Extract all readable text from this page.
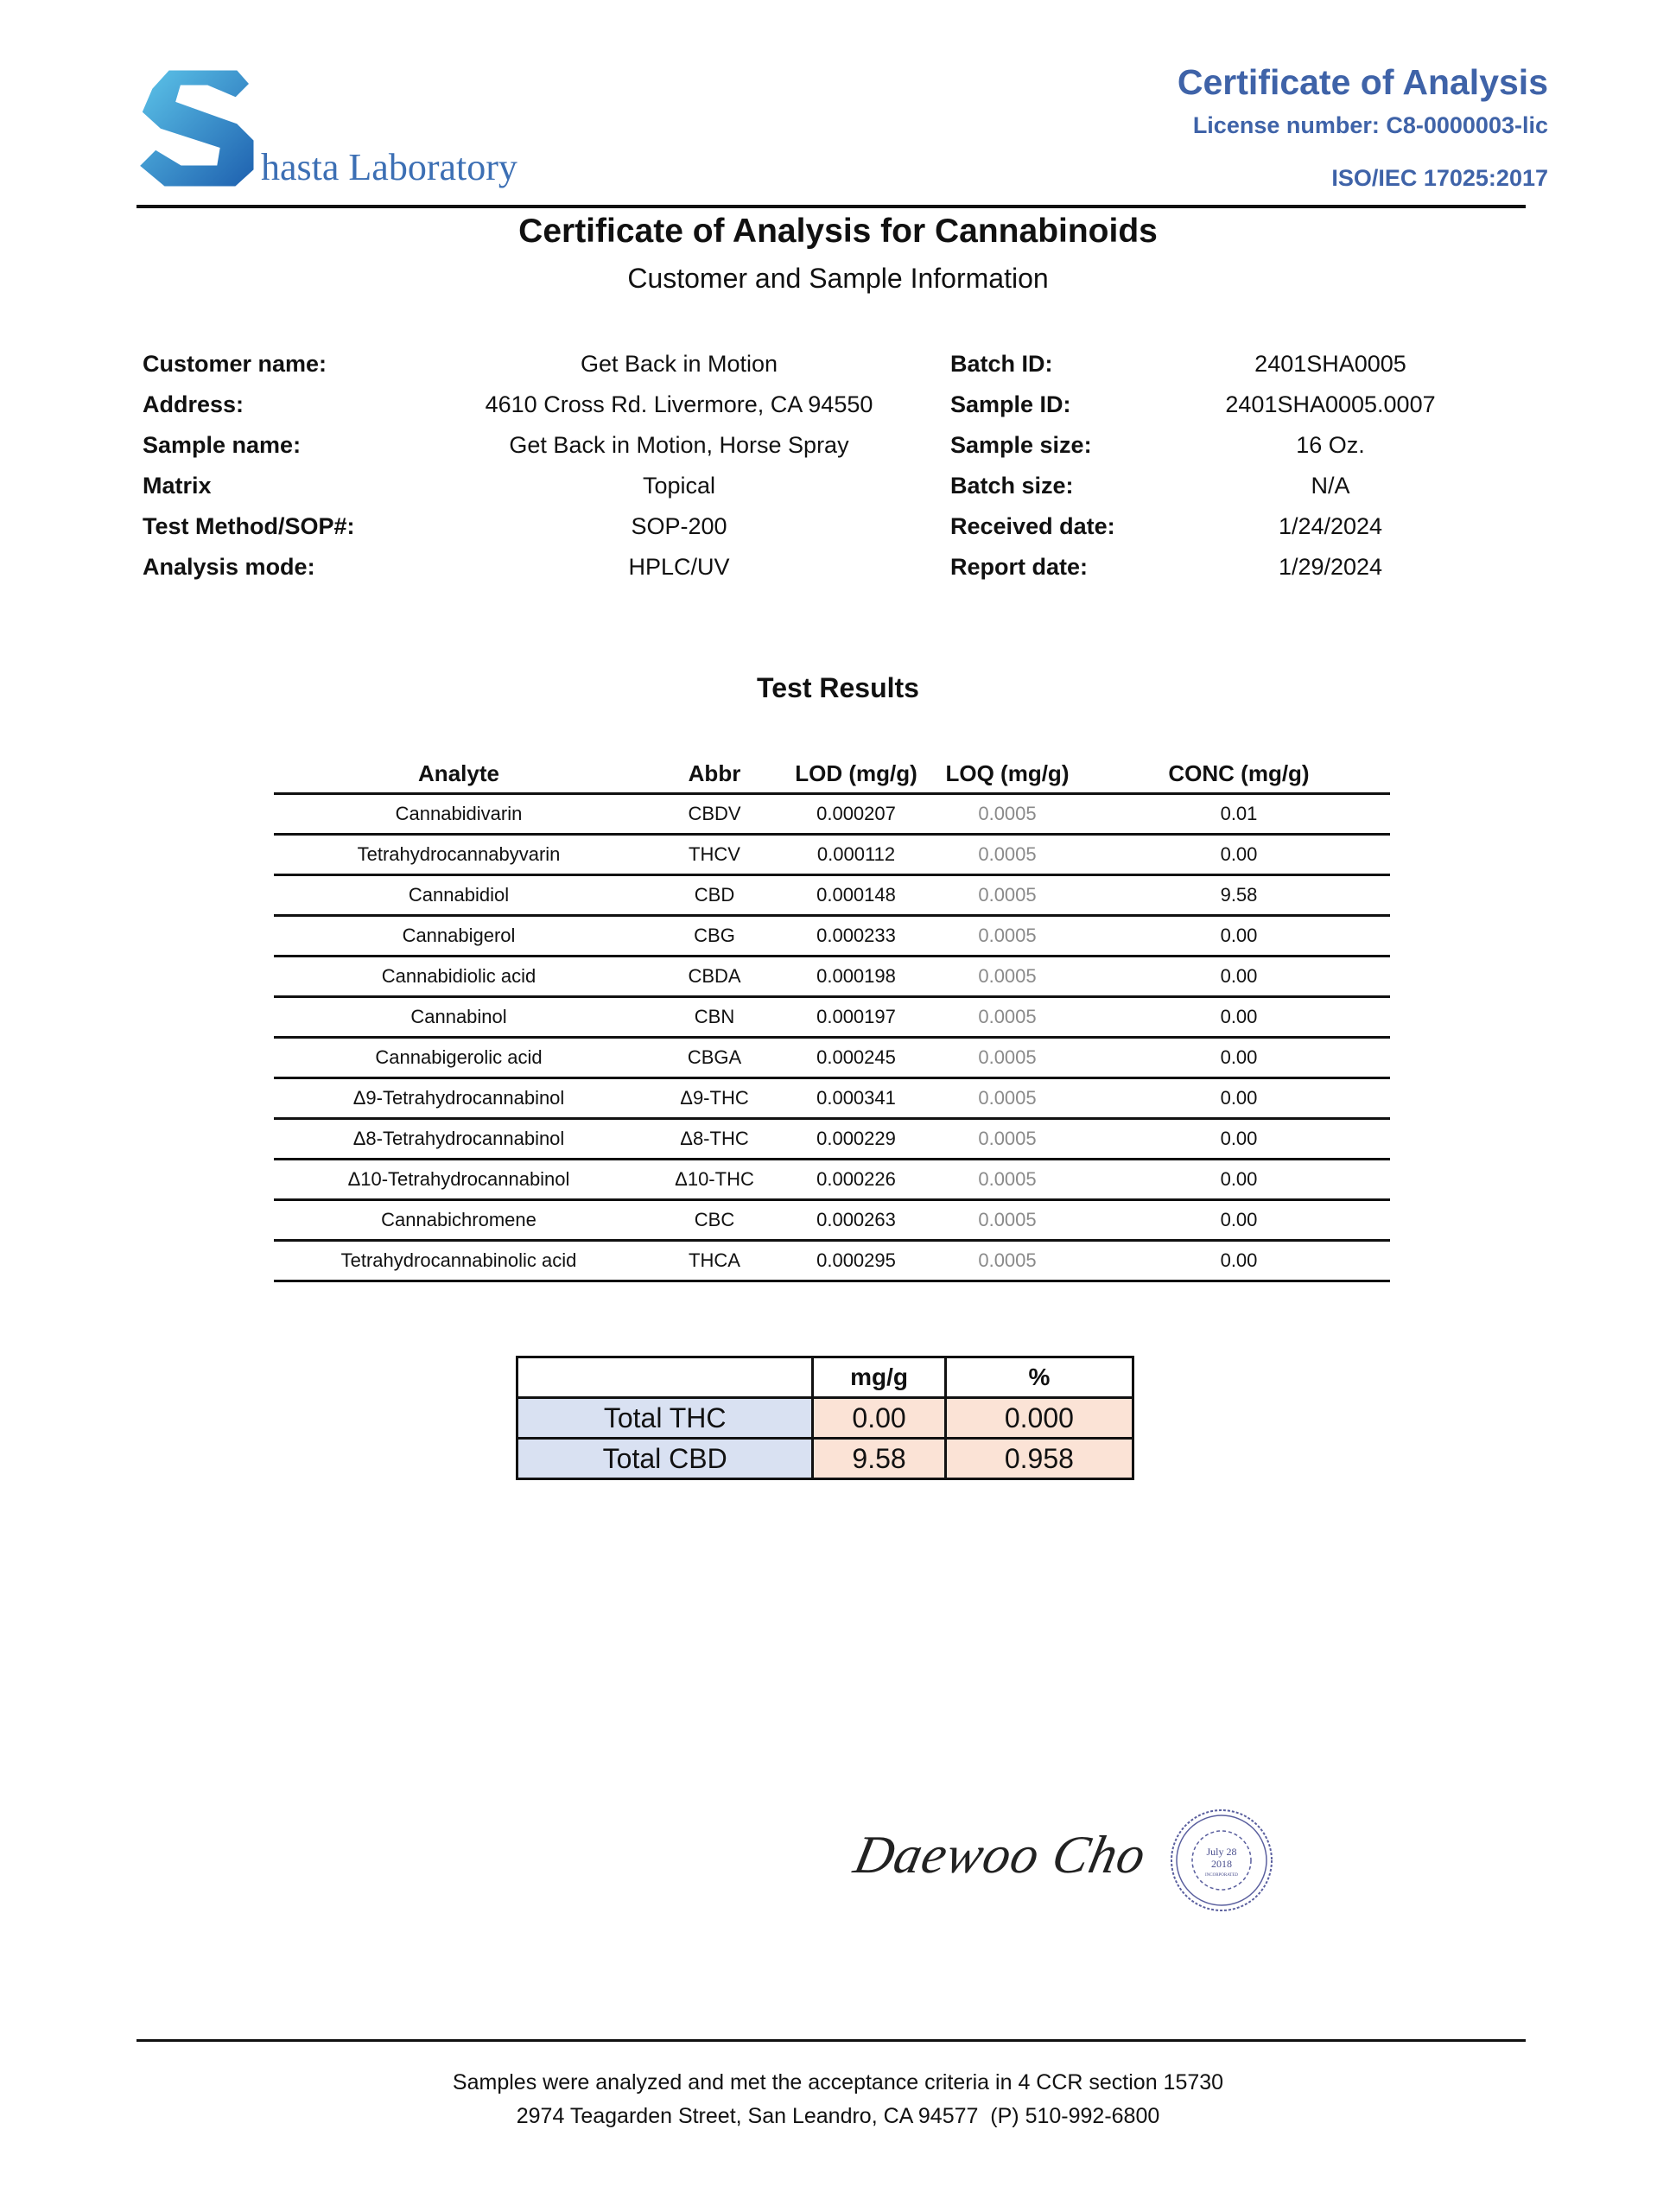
hasta Laboratory
Certificate of Analysis
License number: C8-0000003-lic
ISO/IEC 17025:2017
Certificate of Analysis for Cannabinoids
Customer and Sample Information
Customer name:	Get Back in Motion
Address:	4610 Cross Rd. Livermore, CA 94550
Sample name:	Get Back in Motion, Horse Spray
Matrix	Topical
Test Method/SOP#:	SOP-200
Analysis mode:	HPLC/UV
Batch ID:	2401SHA0005
Sample ID:	2401SHA0005.0007
Sample size:	16 Oz.
Batch size:	N/A
Received date:	1/24/2024
Report date:	1/29/2024
Test Results
Analyte	Abbr	LOD (mg/g)	LOQ (mg/g)	CONC (mg/g)
Cannabidivarin	CBDV	0.000207	0.0005	0.01
Tetrahydrocannabyvarin	THCV	0.000112	0.0005	0.00
Cannabidiol	CBD	0.000148	0.0005	9.58
Cannabigerol	CBG	0.000233	0.0005	0.00
Cannabidiolic acid	CBDA	0.000198	0.0005	0.00
Cannabinol	CBN	0.000197	0.0005	0.00
Cannabigerolic acid	CBGA	0.000245	0.0005	0.00
Δ9-Tetrahydrocannabinol	Δ9-THC	0.000341	0.0005	0.00
Δ8-Tetrahydrocannabinol	Δ8-THC	0.000229	0.0005	0.00
Δ10-Tetrahydrocannabinol	Δ10-THC	0.000226	0.0005	0.00
Cannabichromene	CBC	0.000263	0.0005	0.00
Tetrahydrocannabinolic acid	THCA	0.000295	0.0005	0.00
	mg/g	%
Total THC	0.00	0.000
Total CBD	9.58	0.958
Daewoo Cho	July 28
2018
INCORPORATED
Samples were analyzed and met the acceptance criteria in 4 CCR section 15730
2974 Teagarden Street, San Leandro, CA 94577  (P) 510-992-6800
